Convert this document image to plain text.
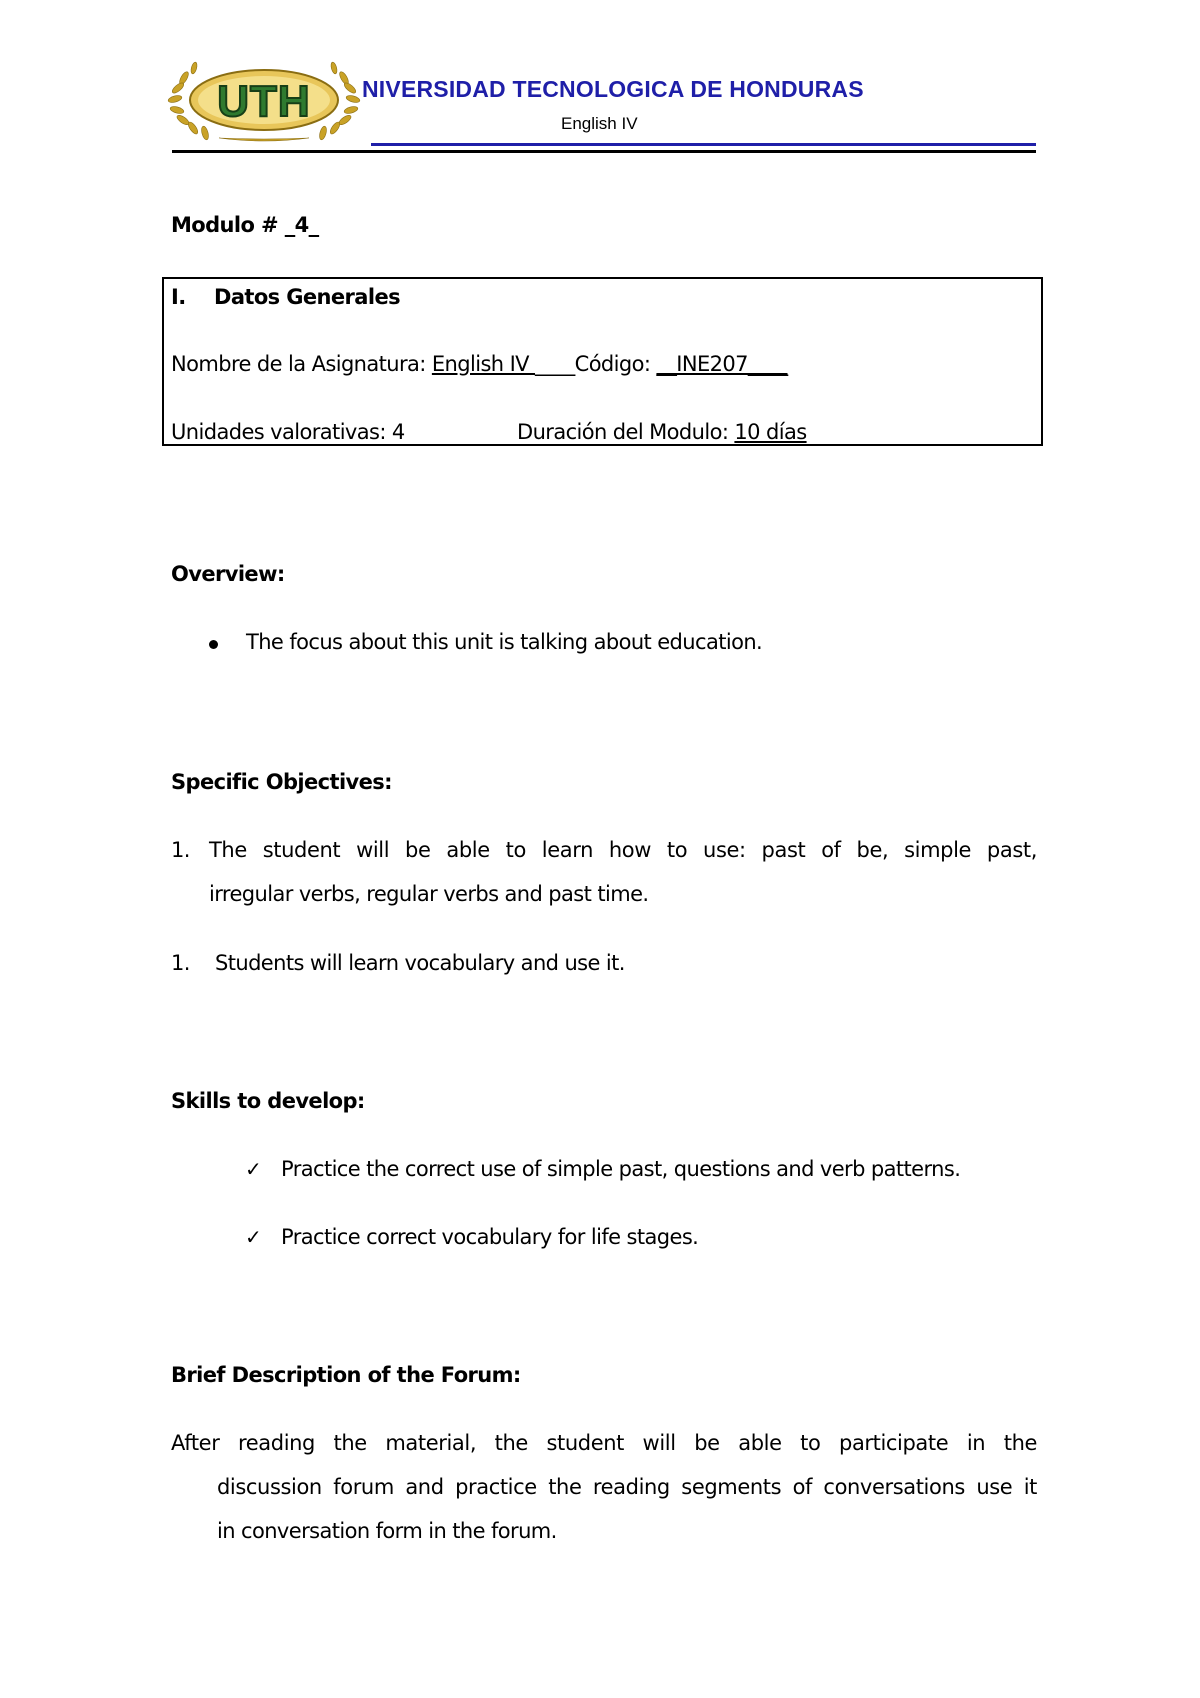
UTH NIVERSIDAD TECNOLOGICA DE HONDURAS
English IV
Modulo # _4_
I. Datos Generales
Nombre de la Asignatura: English IV ____Código: __INE207____
Unidades valorativas: 4	Duración del Modulo: 10 días
Overview:
The focus about this unit is talking about education.
Specific Objectives:
1. The student will be able to learn how to use: past of be, simple past,
irregular verbs, regular verbs and past time.
1. Students will learn vocabulary and use it.
Skills to develop:
✓ Practice the correct use of simple past, questions and verb patterns.
✓ Practice correct vocabulary for life stages.
Brief Description of the Forum:
After reading the material, the student will be able to participate in the
discussion forum and practice the reading segments of conversations use it
in conversation form in the forum.
